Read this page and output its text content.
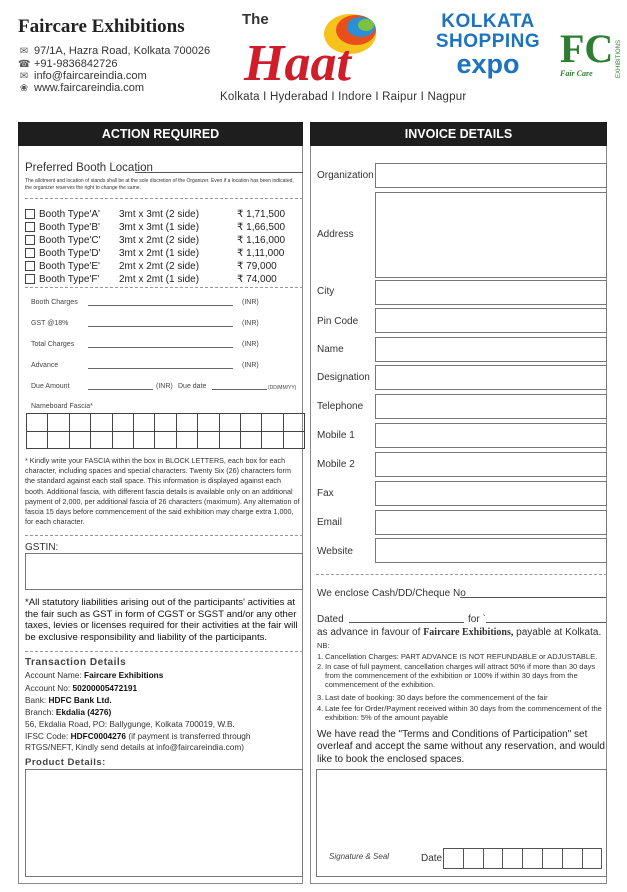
Faircare Exhibitions
✉ 97/1A, Hazra Road, Kolkata 700026
☎ +91-9836842726
✉ info@faircareindia.com
❀ www.faircareindia.com
The
Haat
KOLKATA
SHOPPING
expo	FC
Fair Care	EXHIBITIONS
Kolkata I Hyderabad I Indore I Raipur I Nagpur
ACTION REQUIRED	INVOICE DETAILS
Preferred Booth Location
The allotment and location of stands shall be at the sole discretion of the Organizer. Even if a location has been indicated, the organizer reserves the right to change the same.
Booth Type'A'	3mt x 3mt (2 side)	₹ 1,71,500
Booth Type'B'	3mt x 3mt (1 side)	₹ 1,66,500
Booth Type'C'	3mt x 2mt (2 side)	₹ 1,16,000
Booth Type'D'	3mt x 2mt (1 side)	₹ 1,11,000
Booth Type'E'	2mt x 2mt (2 side)	₹ 79,000
Booth Type'F'	2mt x 2mt (1 side)	₹ 74,000
Booth Charges	(INR)
GST @18%	(INR)
Total Charges	(INR)
Advance	(INR)
Due Amount	(INR) Due date	(DD/MM/YY)
Nameboard Fascia*

* Kindly write your FASCIA within the box in BLOCK LETTERS, each box for each character, including spaces and special characters. Twenty Six (26) characters form the standard against each stall space. This information is displayed against each booth. Additional fascia, with different fascia details is available only on an additional payment of 2,000, per additional fascia of 26 characters (maximum). Any alternation of fascia 15 days before commencement of the said exhibition may charge extra 1,000, for each character.
GSTIN:
*All statutory liabilities arising out of the participants' activities at the fair such as GST in form of CGST or SGST and/or any other taxes, levies or licenses required for their activities at the fair will be exclusive responsibility and liability of the participants.
Transaction Details
Account Name: Faircare Exhibitions
Account No: 50200005472191
Bank: HDFC Bank Ltd.
Branch: Ekdalia (4276)
56, Ekdalia Road, PO: Ballygunge, Kolkata 700019, W.B.
IFSC Code: HDFC0004276 (if payment is transferred through
RTGS/NEFT, Kindly send details at info@faircareindia.com)
Product Details:
Organization
Address
City
Pin Code
Name
Designation
Telephone
Mobile 1
Mobile 2
Fax
Email
Website
We enclose Cash/DD/Cheque No
Dated	for `
as advance in favour of Faircare Exhibitions, payable at Kolkata.
NB:
1. Cancellation Charges: PART ADVANCE IS NOT REFUNDABLE or ADJUSTABLE.
2. In case of full payment, cancellation charges will attract 50% if more than 30 days from the commencement of the exhibition or 100% if within 30 days from the commencement of the exhibition.
3. Last date of booking: 30 days before the commencement of the fair
4. Late fee for Order/Payment received within 30 days from the commencement of the exhibition: 5% of the amount payable
We have read the "Terms and Conditions of Participation" set overleaf and accept the same without any reservation, and would like to book the enclosed spaces.
Signature & Seal	Date
